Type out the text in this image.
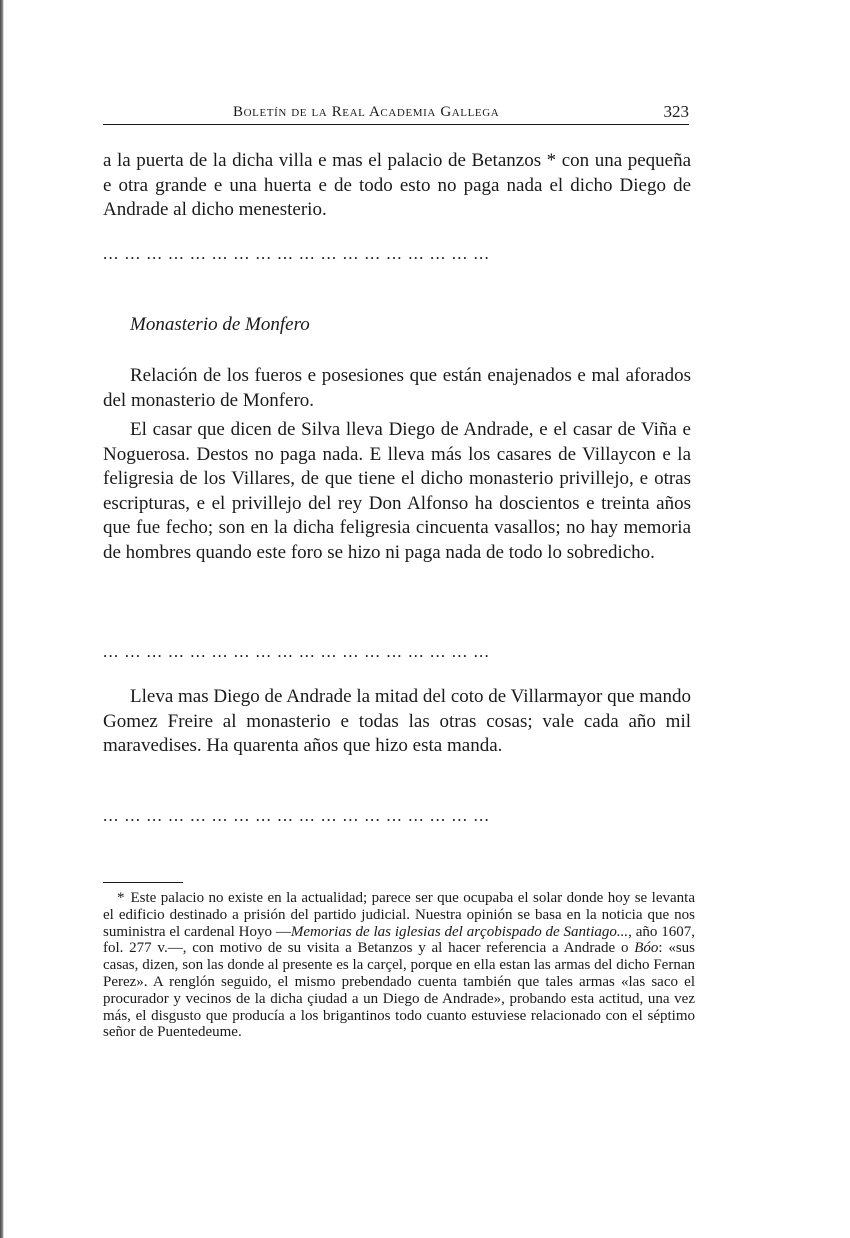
Boletín de la Real Academia Gallega	323

a la puerta de la dicha villa e mas el palacio de Betanzos * con una pequeña e otra grande e una huerta e de todo esto no paga nada el dicho Diego de Andrade al dicho menesterio.

... ... ... ... ... ... ... ... ... ... ... ... ... ... ... ... ... ...

Monasterio de Monfero

Relación de los fueros e posesiones que están enajenados e mal aforados del monasterio de Monfero.

El casar que dicen de Silva lleva Diego de Andrade, e el casar de Viña e Noguerosa. Destos no paga nada. E lleva más los casares de Villaycon e la feligresia de los Villares, de que tiene el dicho monasterio privillejo, e otras escripturas, e el privillejo del rey Don Alfonso ha doscientos e treinta años que fue fecho; son en la dicha feligresia cincuenta vasallos; no hay memoria de hombres quando este foro se hizo ni paga nada de todo lo sobredicho.

... ... ... ... ... ... ... ... ... ... ... ... ... ... ... ... ... ...

Lleva mas Diego de Andrade la mitad del coto de Villarmayor que mando Gomez Freire al monasterio e todas las otras cosas; vale cada año mil maravedises. Ha quarenta años que hizo esta manda.

... ... ... ... ... ... ... ... ... ... ... ... ... ... ... ... ... ...

* Este palacio no existe en la actualidad; parece ser que ocupaba el solar donde hoy se levanta el edificio destinado a prisión del partido judicial. Nuestra opinión se basa en la noticia que nos suministra el cardenal Hoyo —Memorias de las iglesias del arçobispado de Santiago..., año 1607, fol. 277 v.—, con motivo de su visita a Betanzos y al hacer referencia a Andrade o Bóo: «sus casas, dizen, son las donde al presente es la carçel, porque en ella estan las armas del dicho Fernan Perez». A renglón seguido, el mismo prebendado cuenta también que tales armas «las saco el procurador y vecinos de la dicha çiudad a un Diego de Andrade», probando esta actitud, una vez más, el disgusto que producía a los brigantinos todo cuanto estuviese relacionado con el séptimo señor de Puentedeume.
